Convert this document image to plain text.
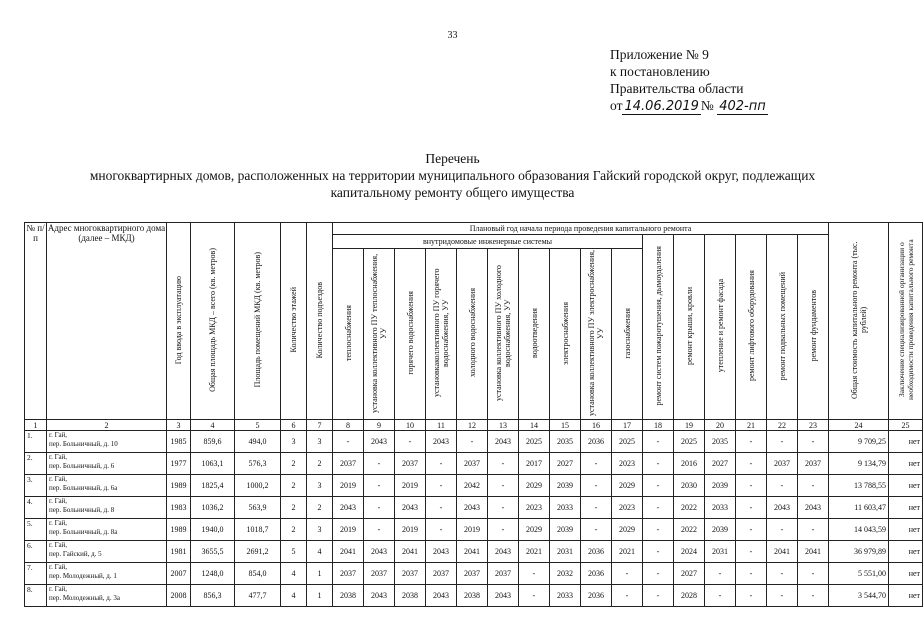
33
Приложение № 9
к постановлению
Правительства области
от 14.06.2019 № 402-пп
Перечень
многоквартирных домов, расположенных на территории муниципального образования Гайский городской округ, подлежащих
капитальному ремонту общего имущества
№ п/п	Адрес многоквартирного дома (далее – МКД)	Год ввода в эксплуатацию	Общая площадь МКД – всего (кв. метров)	Площадь помещений МКД (кв. метров)	Количество этажей	Количество подъездов	Плановый год начала периода проведения капитального ремонта																Общая стоимость капитального ремонта (тыс. рублей)	Заключение специализированной организации о необходимости проведения капитального ремонта
							внутридомовые инженерные системы										ремонт систем пожаротушения, дымоудаления	ремонт крыши, кровли	утепление и ремонт фасада	ремонт лифтового оборудования	ремонт подвальных помещений	ремонт фундаментов		
							теплоснабжения	установка коллективного ПУ теплоснабжения, УУ	горячего водоснабжения	установкаколлективного ПУ горячего водоснабжения, УУ	холодного водоснабжения	установка коллективного ПУ холодного водоснабжения, УУ	водоотведения	электроснабжения	установка коллективного ПУ электроснабжения, УУ	газоснабжения								
1	2	3	4	5	6	7	8	9	10	11	12	13	14	15	16	17	18	19	20	21	22	23	24	25
1.	г. Гай,
пер. Больничный, д. 10	1985	859,6	494,0	3	3	-	2043	-	2043	-	2043	2025	2035	2036	2025	-	2025	2035	-	-	-	9 709,25	нет
2.	г. Гай,
пер. Больничный, д. 6	1977	1063,1	576,3	2	2	2037	-	2037	-	2037	-	2017	2027	-	2023	-	2016	2027	-	2037	2037	9 134,79	нет
3.	г. Гай,
пер. Больничный, д. 6а	1989	1825,4	1000,2	2	3	2019	-	2019	-	2042	-	2029	2039	-	2029	-	2030	2039	-	-	-	13 788,55	нет
4.	г. Гай,
пер. Больничный, д. 8	1983	1036,2	563,9	2	2	2043	-	2043	-	2043	-	2023	2033	-	2023	-	2022	2033	-	2043	2043	11 603,47	нет
5.	г. Гай,
пер. Больничный, д. 8а	1989	1940,0	1018,7	2	3	2019	-	2019	-	2019	-	2029	2039	-	2029	-	2022	2039	-	-	-	14 043,59	нет
6.	г. Гай,
пер. Гайский, д. 5	1981	3655,5	2691,2	5	4	2041	2043	2041	2043	2041	2043	2021	2031	2036	2021	-	2024	2031	-	2041	2041	36 979,89	нет
7.	г. Гай,
пер. Молодежный, д. 1	2007	1248,0	854,0	4	1	2037	2037	2037	2037	2037	2037	-	2032	2036	-	-	2027	-	-	-	-	5 551,00	нет
8.	г. Гай,
пер. Молодежный, д. 3а	2008	856,3	477,7	4	1	2038	2043	2038	2043	2038	2043	-	2033	2036	-	-	2028	-	-	-	-	3 544,70	нет
